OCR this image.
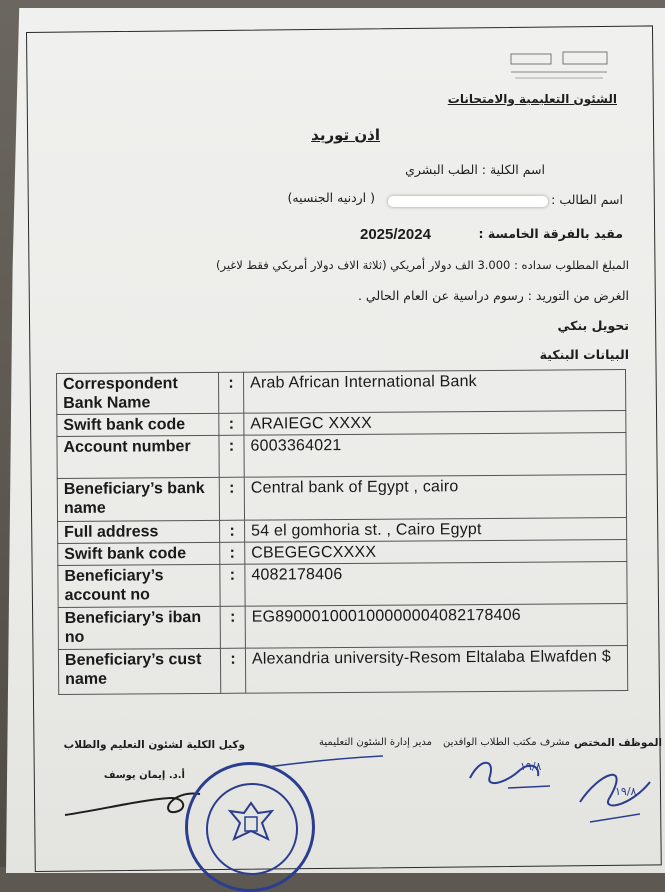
الشئون التعليمية والامتحانات
اذن توريد
اسم الكلية : الطب البشري
اسم الطالب :
( اردنيه الجنسيه)
مقيد بالفرقة الخامسة :
2025/2024
المبلغ المطلوب سداده : 3.000 الف دولار أمريكي (ثلاثة الاف دولار أمريكي فقط لاغير)
الغرض من التوريد : رسوم دراسية عن العام الحالي .
تحويل بنكي
البيانات البنكية
Correspondent Bank Name	:	Arab African International Bank
Swift bank code	:	ARAIEGC XXXX
Account number	:	6003364021
Beneficiary’s bank name	:	Central bank of Egypt , cairo
Full address	:	54 el gomhoria st. , Cairo Egypt
Swift bank code	:	CBEGEGCXXXX
Beneficiary’s account no	:	4082178406
Beneficiary’s iban no	:	EG890001000100000004082178406
Beneficiary’s cust name	:	Alexandria university-Resom Eltalaba Elwafden $
الموظف المختص
مشرف مكتب الطلاب الوافدين
مدير إدارة الشئون التعليمية
وكيل الكلية لشئون التعليم والطلاب
أ.د. إيمان يوسف
١٩/٨
١٩/٨
